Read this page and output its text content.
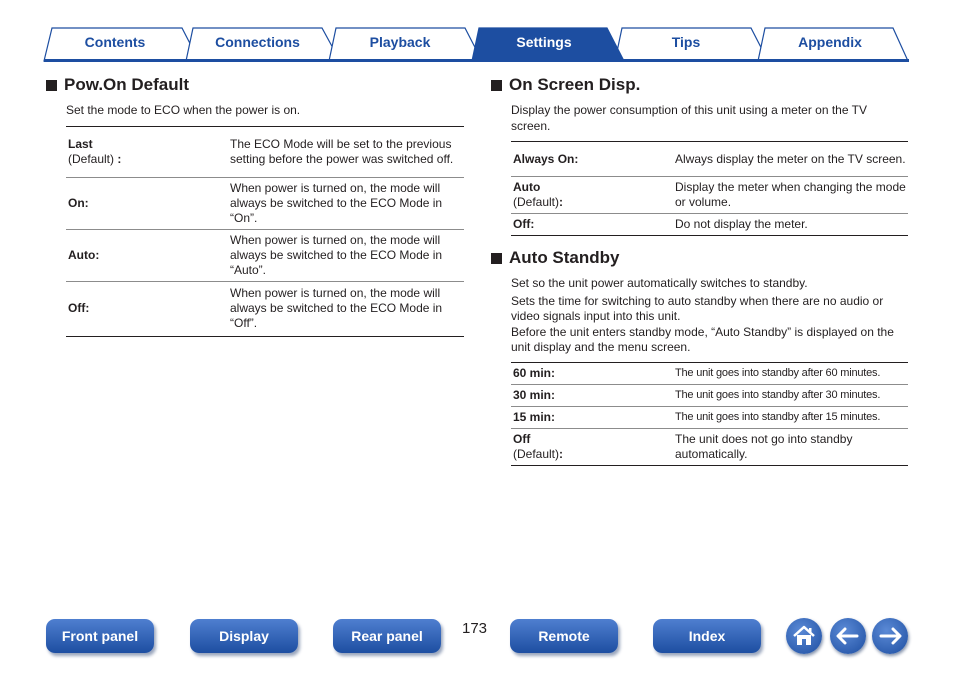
Contents	Connections	Playback	Settings	Tips	Appendix
Pow.On Default

Set the mode to ECO when the power is on.

Last
(Default) :	The ECO Mode will be set to the previous setting before the power was switched off.
On:	When power is turned on, the mode will always be switched to the ECO Mode in “On”.
Auto:	When power is turned on, the mode will always be switched to the ECO Mode in “Auto”.
Off:	When power is turned on, the mode will always be switched to the ECO Mode in “Off”.
On Screen Disp.

Display the power consumption of this unit using a meter on the TV screen.

Always On:	Always display the meter on the TV screen.

Auto
(Default):	Display the meter when changing the mode or volume.
Off:	Do not display the meter.
Auto Standby

Set so the unit power automatically switches to standby.

Sets the time for switching to auto standby when there are no audio or video signals input into this unit.

Before the unit enters standby mode, “Auto Standby” is displayed on the unit display and the menu screen.

60 min:	The unit goes into standby after 60 minutes.
30 min:	The unit goes into standby after 30 minutes.
15 min:	The unit goes into standby after 15 minutes.

Off
(Default):	The unit does not go into standby automatically.
Front panel	Display	Rear panel	173	Remote	Index
